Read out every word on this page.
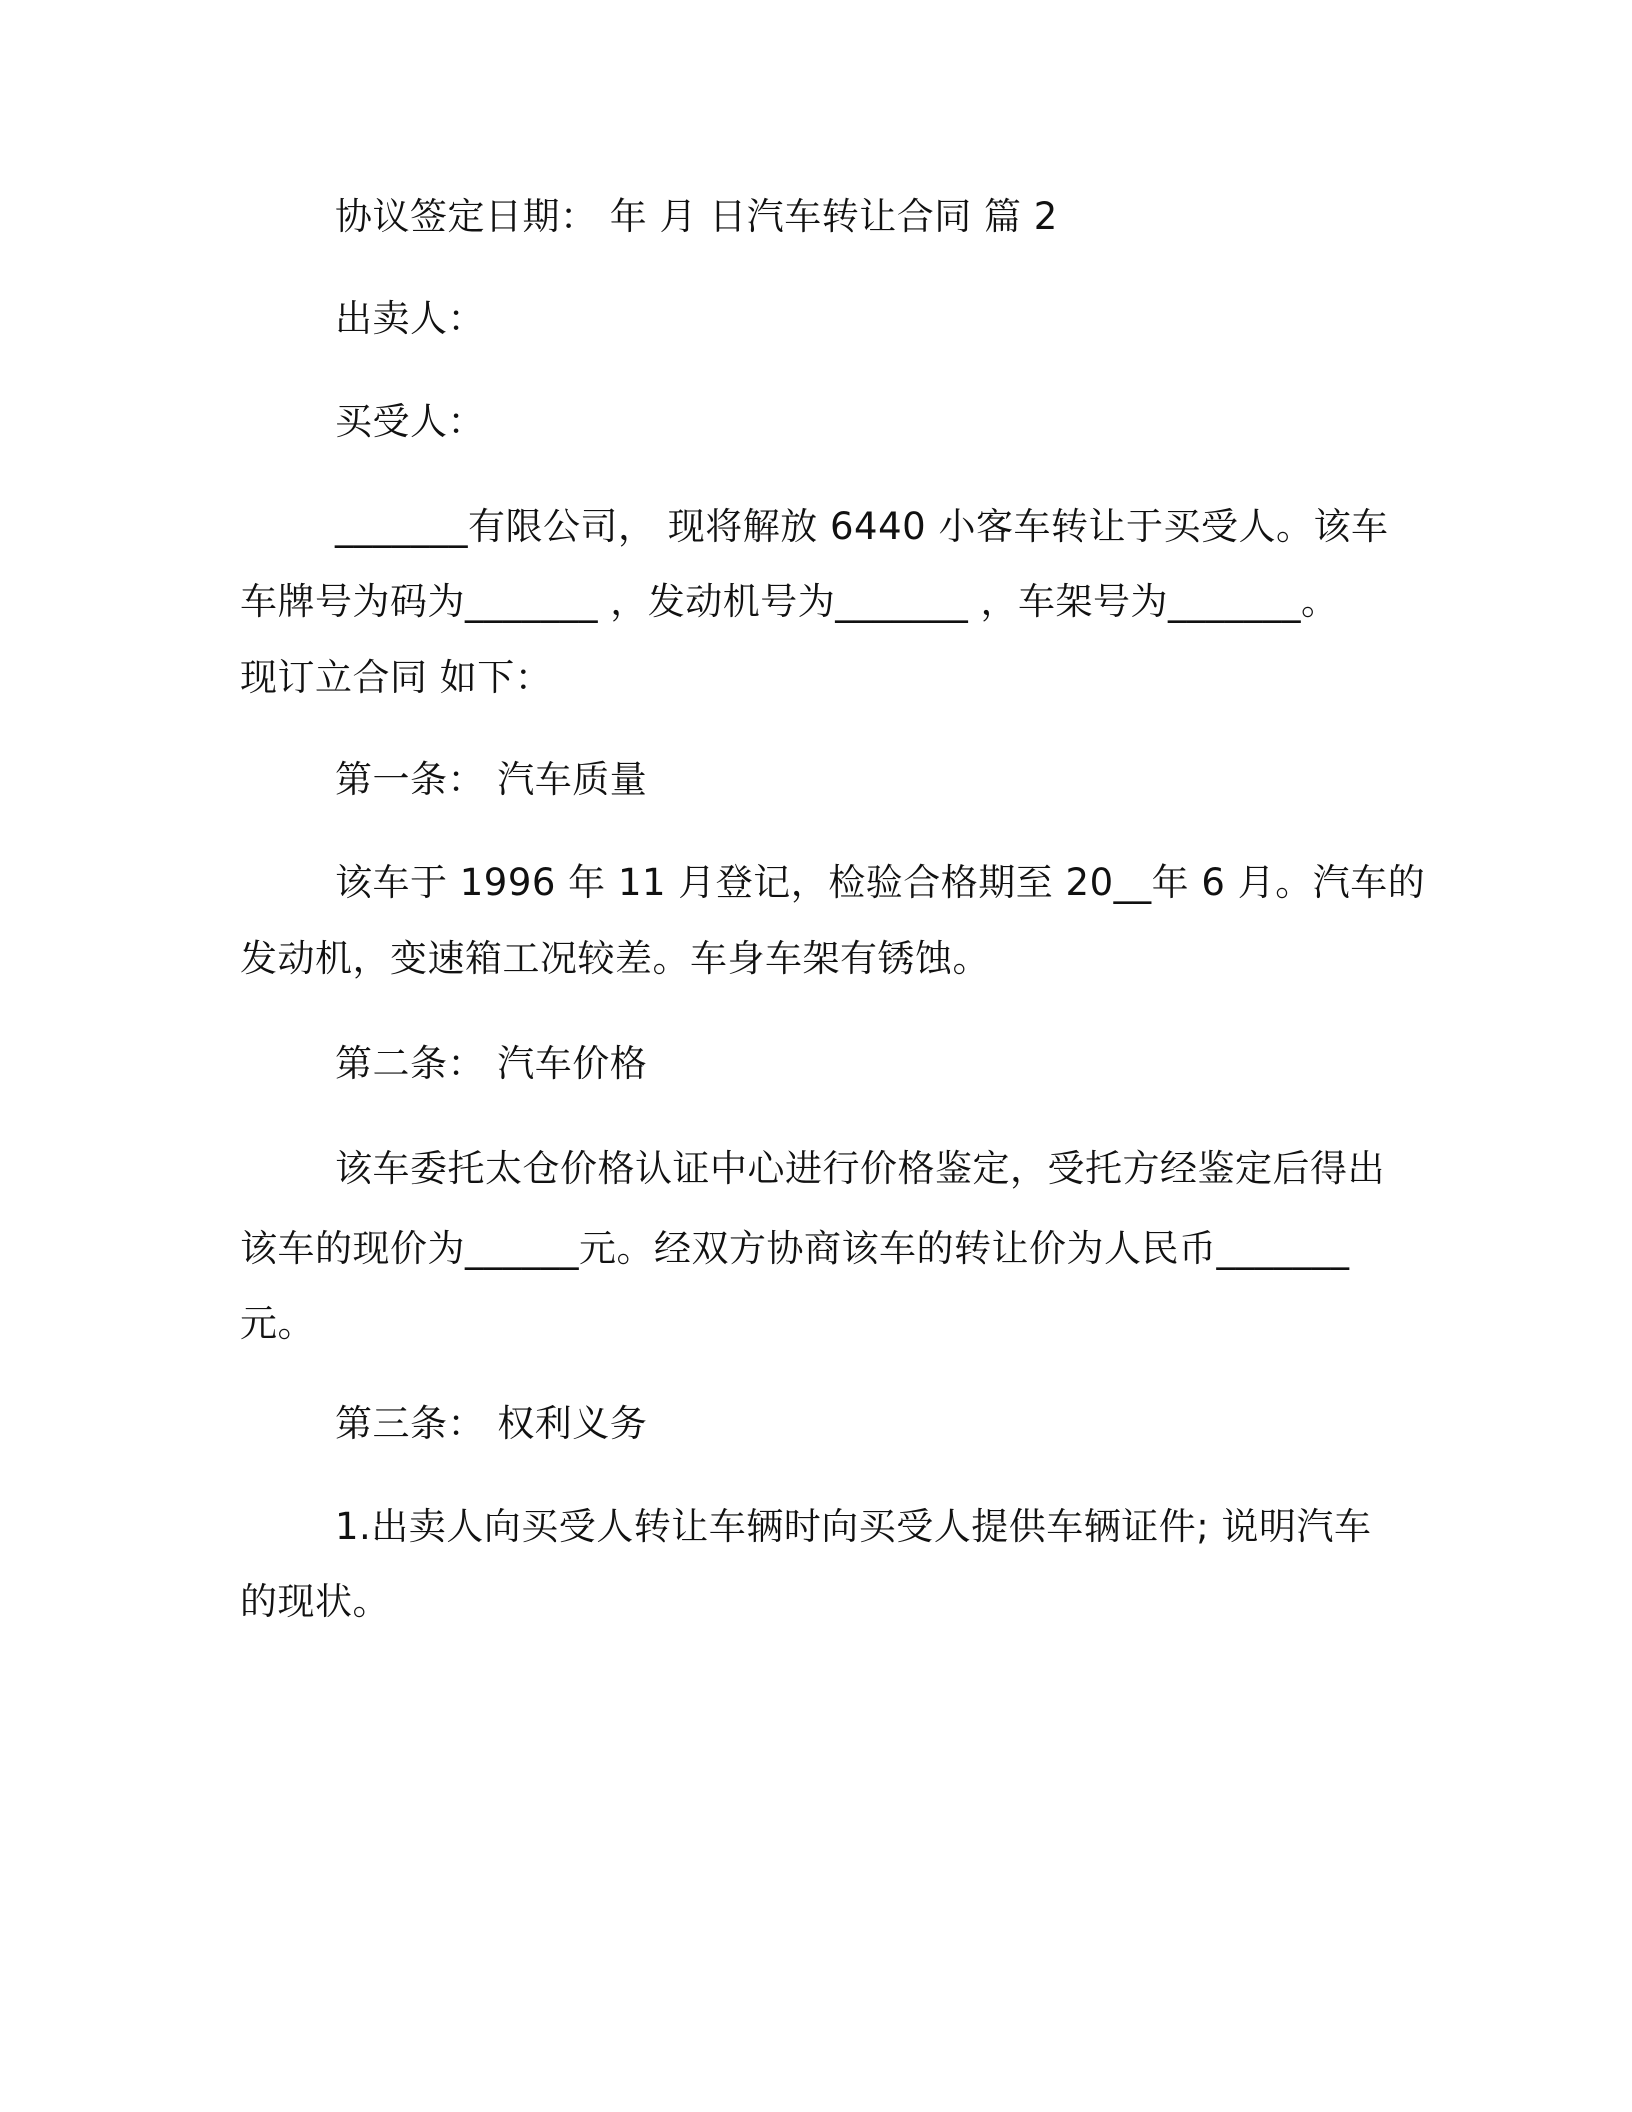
协议签定日期： 年 月 日汽车转让合同 篇 2
出卖人：
买受人：
_______有限公司， 现将解放 6440 小客车转让于买受人。该车
车牌号为码为_______ ，发动机号为_______ ，车架号为_______。
现订立合同 如下：
第一条： 汽车质量
该车于 1996 年 11 月登记，检验合格期至 20__年 6 月。汽车的
发动机，变速箱工况较差。车身车架有锈蚀。
第二条： 汽车价格
该车委托太仓价格认证中心进行价格鉴定，受托方经鉴定后得出
该车的现价为______元。经双方协商该车的转让价为人民币_______
元。
第三条： 权利义务
1.出卖人向买受人转让车辆时向买受人提供车辆证件; 说明汽车
的现状。
